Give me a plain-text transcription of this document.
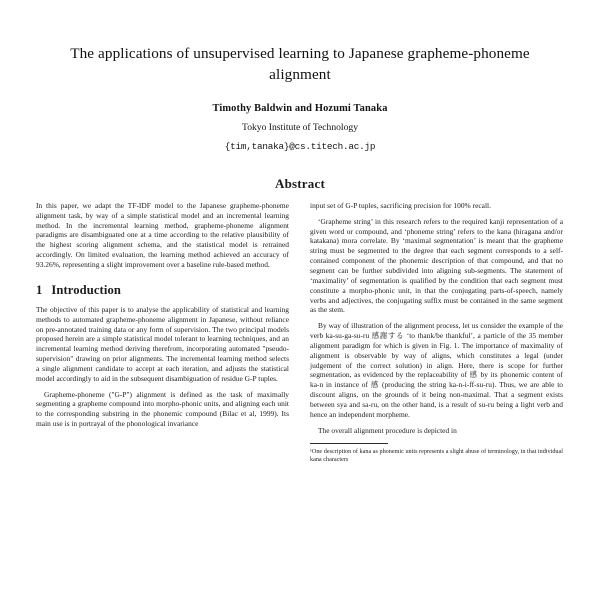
The applications of unsupervised learning to Japanese grapheme-phoneme alignment
Timothy Baldwin and Hozumi Tanaka
Tokyo Institute of Technology
{tim,tanaka}@cs.titech.ac.jp
Abstract

In this paper, we adapt the TF-IDF model to the Japanese grapheme-phoneme alignment task, by way of a simple statistical model and an incremental learning method. In the incremental learning method, grapheme-phoneme alignment paradigms are disambiguated one at a time according to the relative plausibility of the highest scoring alignment schema, and the statistical model is retrained accordingly. On limited evaluation, the learning method achieved an accuracy of 93.26%, representing a slight improvement over a baseline rule-based method.

1 Introduction

The objective of this paper is to analyse the applicability of statistical and learning methods to automated grapheme-phoneme alignment in Japanese, without reliance on pre-annotated training data or any form of supervision. The two principal models proposed herein are a simple statistical model tolerant to learning techniques, and an incremental learning method deriving therefrom, incorporating automated "pseudo-supervision" drawing on prior alignments. The incremental learning method selects a single alignment candidate to accept at each iteration, and adjusts the statistical model accordingly to aid in the subsequent disambiguation of residue G-P tuples.

Grapheme-phoneme ("G-P") alignment is defined as the task of maximally segmenting a grapheme compound into morpho-phonic units, and aligning each unit to the corresponding substring in the phonemic compound (Bilac et al, 1999). Its main use is in portrayal of the phonological invariance

input set of G-P tuples, sacrificing precision for 100% recall.

‘Grapheme string’ in this research refers to the required kanji representation of a given word or compound, and ‘phoneme string’ refers to the kana (hiragana and/or katakana) mora correlate. By ‘maximal segmentation’ is meant that the grapheme string must be segmented to the degree that each segment corresponds to a self-contained component of the phonemic description of that compound, and that no segment can be further subdivided into aligning sub-segments. The statement of ‘maximality’ of segmentation is qualified by the condition that each segment must constitute a morpho-phonic unit, in that the conjugating parts-of-speech, namely verbs and adjectives, the conjugating suffix must be contained in the same segment as the stem.

By way of illustration of the alignment process, let us consider the example of the verb ka-su-ga-su-ru 感謝する ‘to thank/be thankful’, a particle of the 35 member alignment paradigm for which is given in Fig. 1. The importance of maximality of alignment is observable by way of aligns, which constitutes a legal (under judgement of the correct solution) in align. Here, there is scope for further segmentation, as evidenced by the replaceability of 感 by its phonemic content of ka-n in instance of 感 (producing the string ka-n-i-ff-su-ru). Thus, we are able to discount aligns, on the grounds of it being non-maximal. That a segment exists between sya and sa-ru, on the other hand, is a result of su-ru being a light verb and hence an independent morpheme.

The overall alignment procedure is depicted in

¹One description of kana as phonemic units represents a slight abuse of terminology, in that individual kana characters
